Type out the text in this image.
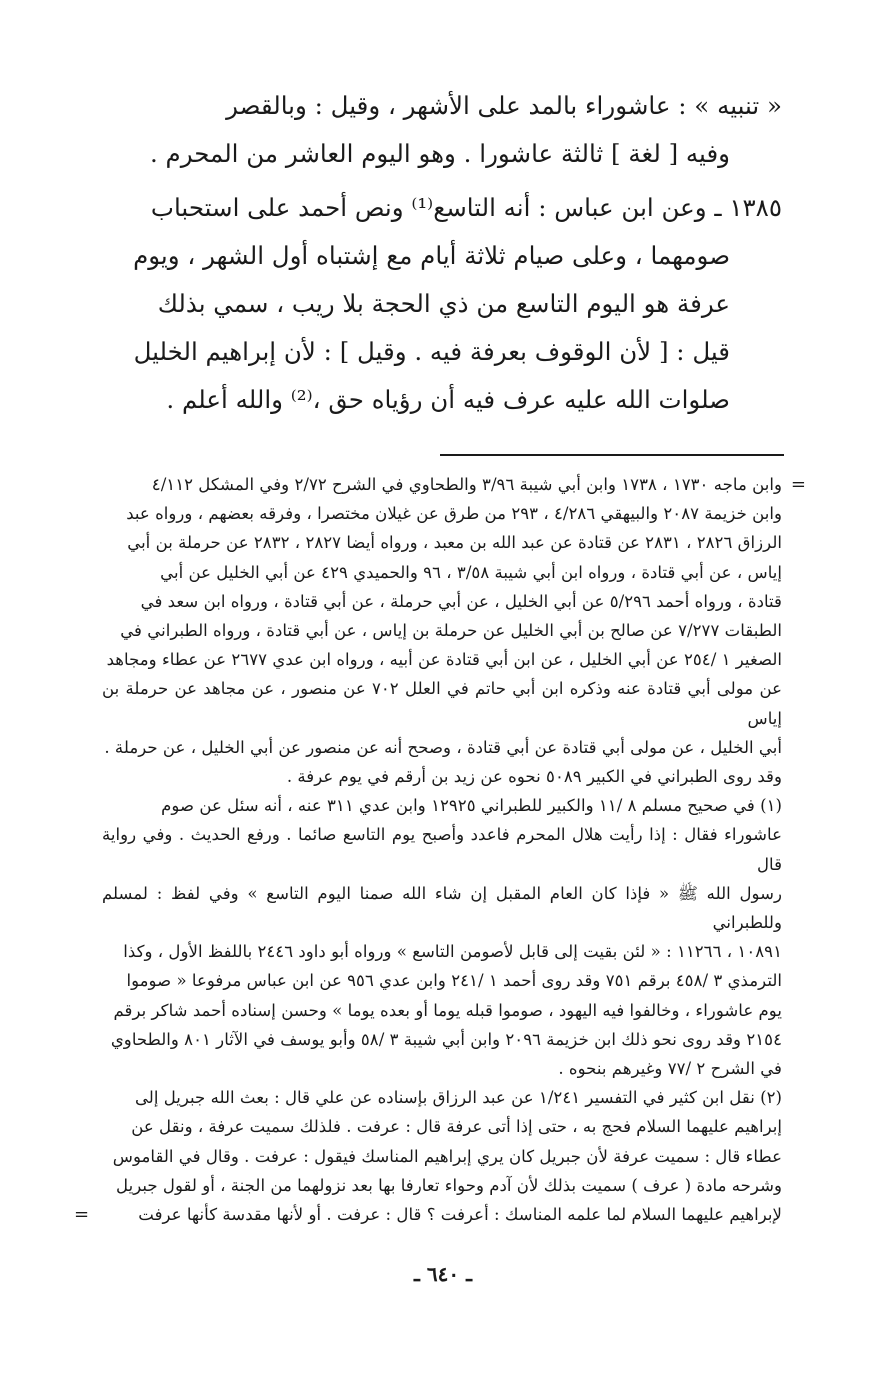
« تنبيه » : عاشوراء بالمد على الأشهر ، وقيل : وبالقصر
وفيه [ لغة ] ثالثة عاشورا . وهو اليوم العاشر من المحرم .

١٣٨٥ ـ وعن ابن عباس : أنه التاسع⁽¹⁾ ونص أحمد على استحباب
صومهما ، وعلى صيام ثلاثة أيام مع إشتباه أول الشهر ، ويوم
عرفة هو اليوم التاسع من ذي الحجة بلا ريب ، سمي بذلك
قيل : [ لأن الوقوف بعرفة فيه . وقيل ] : لأن إبراهيم الخليل
صلوات الله عليه عرف فيه أن رؤياه حق ،⁽²⁾ والله أعلم .

=
وابن ماجه ١٧٣٠ ، ١٧٣٨ وابن أبي شيبة ٣/٩٦ والطحاوي في الشرح ٢/٧٢ وفي المشكل ٤/١١٢
وابن خزيمة ٢٠٨٧ والبيهقي ٤/٢٨٦ ، ٢٩٣ من طرق عن غيلان مختصرا ، وفرقه بعضهم ، ورواه عبد
الرزاق ٢٨٢٦ ، ٢٨٣١ عن قتادة عن عبد الله بن معبد ، ورواه أيضا ٢٨٢٧ ، ٢٨٣٢ عن حرملة بن أبي
إياس ، عن أبي قتادة ، ورواه ابن أبي شيبة ٣/٥٨ ، ٩٦ والحميدي ٤٢٩ عن أبي الخليل عن أبي
قتادة ، ورواه أحمد ٥/٢٩٦ عن أبي الخليل ، عن أبي حرملة ، عن أبي قتادة ، ورواه ابن سعد في
الطبقات ٧/٢٧٧ عن صالح بن أبي الخليل عن حرملة بن إياس ، عن أبي قتادة ، ورواه الطبراني في
الصغير ١ /٢٥٤ عن أبي الخليل ، عن ابن أبي قتادة عن أبيه ، ورواه ابن عدي ٢٦٧٧ عن عطاء ومجاهد
عن مولى أبي قتادة عنه وذكره ابن أبي حاتم في العلل ٧٠٢ عن منصور ، عن مجاهد عن حرملة بن إياس
أبي الخليل ، عن مولى أبي قتادة عن أبي قتادة ، وصحح أنه عن منصور عن أبي الخليل ، عن حرملة .
وقد روى الطبراني في الكبير ٥٠٨٩ نحوه عن زيد بن أرقم في يوم عرفة .
(١) في صحيح مسلم ٨ /١١ والكبير للطبراني ١٢٩٢٥ وابن عدي ٣١١ عنه ، أنه سئل عن صوم
عاشوراء فقال : إذا رأيت هلال المحرم فاعدد وأصبح يوم التاسع صائما . ورفع الحديث . وفي رواية قال
رسول الله ﷺ « فإذا كان العام المقبل إن شاء الله صمنا اليوم التاسع » وفي لفظ : لمسلم وللطبراني
١٠٨٩١ ، ١١٢٦٦ : « لئن بقيت إلى قابل لأصومن التاسع » ورواه أبو داود ٢٤٤٦ باللفظ الأول ، وكذا
الترمذي ٣ /٤٥٨ برقم ٧٥١ وقد روى أحمد ١ /٢٤١ وابن عدي ٩٥٦ عن ابن عباس مرفوعا « صوموا
يوم عاشوراء ، وخالفوا فيه اليهود ، صوموا قبله يوما أو بعده يوما » وحسن إسناده أحمد شاكر برقم
٢١٥٤ وقد روى نحو ذلك ابن خزيمة ٢٠٩٦ وابن أبي شيبة ٣ /٥٨ وأبو يوسف في الآثار ٨٠١ والطحاوي
في الشرح ٢ /٧٧ وغيرهم بنحوه .
(٢) نقل ابن كثير في التفسير ١/٢٤١ عن عبد الرزاق بإسناده عن علي قال : بعث الله جبريل إلى
إبراهيم عليهما السلام فحج به ، حتى إذا أتى عرفة قال : عرفت . فلذلك سميت عرفة ، ونقل عن
عطاء قال : سميت عرفة لأن جبريل كان يري إبراهيم المناسك فيقول : عرفت . وقال في القاموس
وشرحه مادة ( عرف ) سميت بذلك لأن آدم وحواء تعارفا بها بعد نزولهما من الجنة ، أو لقول جبريل
لإبراهيم عليهما السلام لما علمه المناسك : أعرفت ؟ قال : عرفت . أو لأنها مقدسة كأنها عرفت
=
ـ ٦٤٠ ـ
